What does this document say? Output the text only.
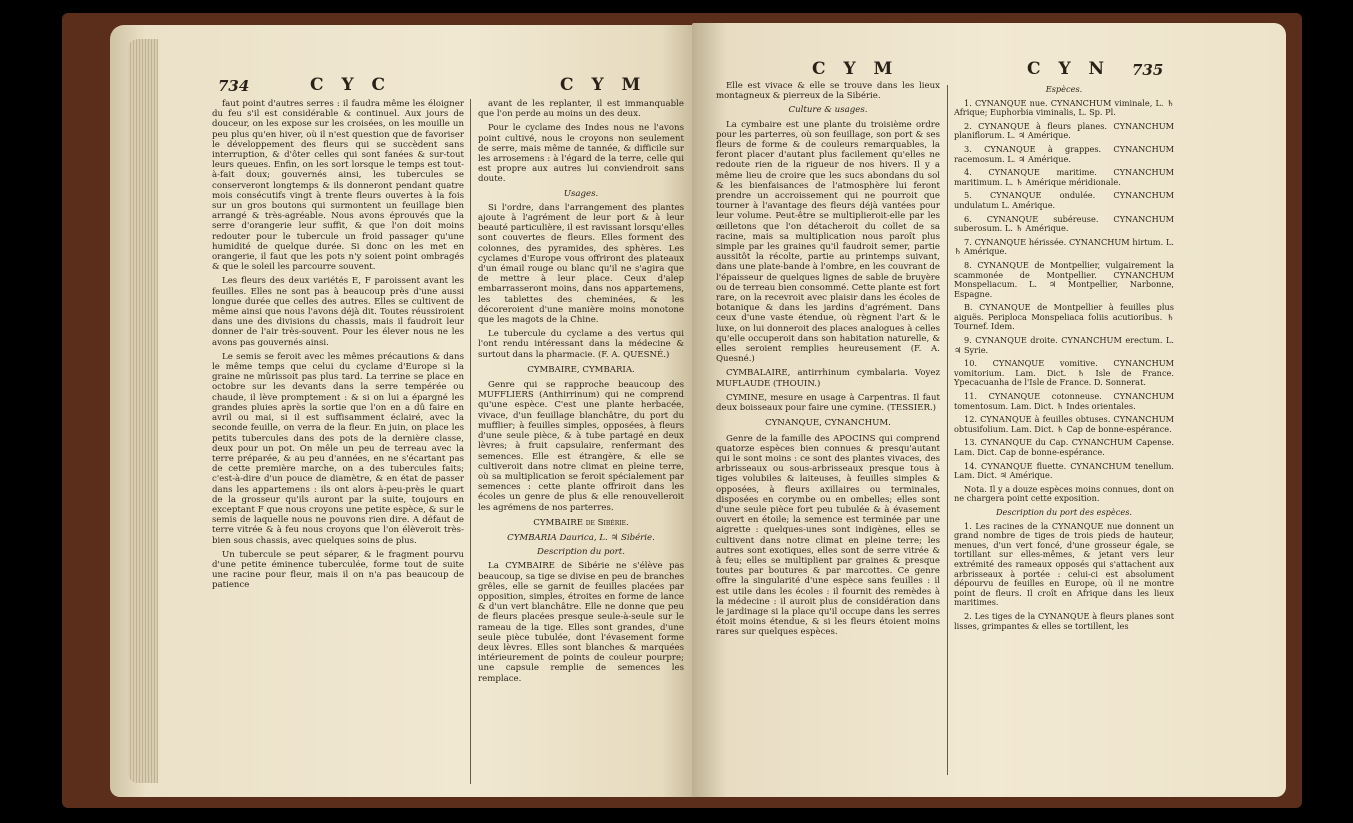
734	C Y C	C Y M

faut point d'autres serres : il faudra même les éloigner du feu s'il est considérable & continuel. Aux jours de douceur, on les expose sur les croisées, on les mouille un peu plus qu'en hiver, où il n'est question que de favoriser le développement des fleurs qui se succèdent sans interruption, & d'ôter celles qui sont fanées & sur-tout leurs queues. Enfin, on les sort lorsque le temps est tout-à-fait doux; gouvernés ainsi, les tubercules se conserveront longtemps & ils donneront pendant quatre mois consécutifs vingt à trente fleurs ouvertes à la fois sur un gros boutons qui surmontent un feuillage bien arrangé & très-agréable. Nous avons éprouvés que la serre d'orangerie leur suffit, & que l'on doit moins redouter pour le tubercule un froid passager qu'une humidité de quelque durée. Si donc on les met en orangerie, il faut que les pots n'y soient point ombragés & que le soleil les parcourre souvent.

Les fleurs des deux variétés E, F paroissent avant les feuilles. Elles ne sont pas à beaucoup près d'une aussi longue durée que celles des autres. Elles se cultivent de même ainsi que nous l'avons déjà dit. Toutes réussiroient dans une des divisions du chassis, mais il faudroit leur donner de l'air très-souvent. Pour les élever nous ne les avons pas gouvernés ainsi.

Le semis se feroit avec les mêmes précautions & dans le même temps que celui du cyclame d'Europe si la graine ne mûrissoit pas plus tard. La terrine se place en octobre sur les devants dans la serre tempérée ou chaude, il lève promptement : & si on lui a épargné les grandes pluies après la sortie que l'on en a dû faire en avril ou mai, si il est suffisamment éclairé, avec la seconde feuille, on verra de la fleur. En juin, on place les petits tubercules dans des pots de la dernière classe, deux pour un pot. On mêle un peu de terreau avec la terre préparée, & au peu d'années, en ne s'écartant pas de cette première marche, on a des tubercules faits; c'est-à-dire d'un pouce de diamètre, & en état de passer dans les appartemens : ils ont alors à-peu-près le quart de la grosseur qu'ils auront par la suite, toujours en exceptant F que nous croyons une petite espèce, & sur le semis de laquelle nous ne pouvons rien dire. A défaut de terre vitrée & à feu nous croyons que l'on élèveroit très-bien sous chassis, avec quelques soins de plus.

Un tubercule se peut séparer, & le fragment pourvu d'une petite éminence tuberculée, forme tout de suite une racine pour fleur, mais il on n'a pas beaucoup de patience

avant de les replanter, il est immanquable que l'on perde au moins un des deux.

Pour le cyclame des Indes nous ne l'avons point cultivé, nous le croyons non seulement de serre, mais même de tannée, & difficile sur les arrosemens : à l'égard de la terre, celle qui est propre aux autres lui conviendroit sans doute.

Usages.

Si l'ordre, dans l'arrangement des plantes ajoute à l'agrément de leur port & à leur beauté particulière, il est ravissant lorsqu'elles sont couvertes de fleurs. Elles forment des colonnes, des pyramides, des sphères. Les cyclames d'Europe vous offriront des plateaux d'un émail rouge ou blanc qu'il ne s'agira que de mettre à leur place. Ceux d'alep embarrasseront moins, dans nos appartemens, les tablettes des cheminées, & les décoreroient d'une manière moins monotone que les magots de la Chine.

Le tubercule du cyclame a des vertus qui l'ont rendu intéressant dans la médecine & surtout dans la pharmacie. (F. A. QUESNÉ.)

CYMBAIRE, CYMBARIA.

Genre qui se rapproche beaucoup des MUFFLIERS (Anthirrinum) qui ne comprend qu'une espèce. C'est une plante herbacée, vivace, d'un feuillage blanchâtre, du port du mufflier; à feuilles simples, opposées, à fleurs d'une seule pièce, & à tube partagé en deux lèvres; à fruit capsulaire, renfermant des semences. Elle est étrangère, & elle se cultiveroit dans notre climat en pleine terre, où sa multiplication se feroit spécialement par semences : cette plante offriroit dans les écoles un genre de plus & elle renouvelleroit les agrémens de nos parterres.

CYMBAIRE de Sibérie.

CYMBARIA Daurica, L. ♃ Sibérie.

Description du port.

La CYMBAIRE de Sibérie ne s'élève pas beaucoup, sa tige se divise en peu de branches grêles, elle se garnit de feuilles placées par opposition, simples, étroites en forme de lance & d'un vert blanchâtre. Elle ne donne que peu de fleurs placées presque seule-à-seule sur le rameau de la tige. Elles sont grandes, d'une seule pièce tubulée, dont l'évasement forme deux lèvres. Elles sont blanches & marquées intérieurement de points de couleur pourpre; une capsule remplie de semences les remplace.

C Y M	C Y N 735

Elle est vivace & elle se trouve dans les lieux montagneux & pierreux de la Sibérie.

Culture & usages.

La cymbaire est une plante du troisième ordre pour les parterres, où son feuillage, son port & ses fleurs de forme & de couleurs remarquables, la feront placer d'autant plus facilement qu'elles ne redoute rien de la rigueur de nos hivers. Il y a même lieu de croire que les sucs abondans du sol & les bienfaisances de l'atmosphère lui feront prendre un accroissement qui ne pourroit que tourner à l'avantage des fleurs déjà vantées pour leur volume. Peut-être se multiplieroit-elle par les œilletons que l'on détacheroit du collet de sa racine, mais sa multiplication nous paroît plus simple par les graines qu'il faudroit semer, partie aussitôt la récolte, partie au printemps suivant, dans une plate-bande à l'ombre, en les couvrant de l'épaisseur de quelques lignes de sable de bruyère ou de terreau bien consommé. Cette plante est fort rare, on la recevroit avec plaisir dans les écoles de botanique & dans les jardins d'agrément. Dans ceux d'une vaste étendue, où règnent l'art & le luxe, on lui donneroit des places analogues à celles qu'elle occuperoit dans son habitation naturelle, & elles seroient remplies heureusement (F. A. Quesné.)

CYMBALAIRE, antirrhinum cymbalaria. Voyez MUFLAUDE (THOUIN.)

CYMINE, mesure en usage à Carpentras. Il faut deux boisseaux pour faire une cymine. (TESSIER.)

CYNANQUE, CYNANCHUM.

Genre de la famille des APOCINS qui comprend quatorze espèces bien connues & presqu'autant qui le sont moins : ce sont des plantes vivaces, des arbrisseaux ou sous-arbrisseaux presque tous à tiges volubiles & laiteuses, à feuilles simples & opposées, à fleurs axillaires ou terminales, disposées en corymbe ou en ombelles; elles sont d'une seule pièce fort peu tubulée & à évasement ouvert en étoile; la semence est terminée par une aigrette : quelques-unes sont indigènes, elles se cultivent dans notre climat en pleine terre; les autres sont exotiques, elles sont de serre vitrée & à feu; elles se multiplient par graines & presque toutes par boutures & par marcottes. Ce genre offre la singularité d'une espèce sans feuilles : il est utile dans les écoles : il fournit des remèdes à la médecine : il auroit plus de considération dans le jardinage si la place qu'il occupe dans les serres étoit moins étendue, & si les fleurs étoient moins rares sur quelques espèces.

Espèces.

1. CYNANQUE nue. CYNANCHUM viminale, L. ♄ Afrique; Euphorbia viminalis, L. Sp. Pl.

2. CYNANQUE à fleurs planes. CYNANCHUM planiflorum. L. ♃ Amérique.

3. CYNANQUE à grappes. CYNANCHUM racemosum. L. ♃ Amérique.

4. CYNANQUE maritime. CYNANCHUM maritimum. L. ♄ Amérique méridionale.

5. CYNANQUE ondulée. CYNANCHUM undulatum L. Amérique.

6. CYNANQUE subéreuse. CYNANCHUM suberosum. L. ♄ Amérique.

7. CYNANQUE hérissée. CYNANCHUM hirtum. L. ♄ Amérique.

8. CYNANQUE de Montpellier, vulgairement la scammonée de Montpellier. CYNANCHUM Monspeliacum. L. ♃ Montpellier, Narbonne, Espagne.

B. CYNANQUE de Montpellier à feuilles plus aiguës. Periploca Monspeliaca foliis acutioribus. ♄ Tournef. Idem.

9. CYNANQUE droite. CYNANCHUM erectum. L. ♃ Syrie.

10. CYNANQUE vomitive. CYNANCHUM vomitorium. Lam. Dict. ♄ Isle de France. Ypecacuanha de l'Isle de France. D. Sonnerat.

11. CYNANQUE cotonneuse. CYNANCHUM tomentosum. Lam. Dict. ♄ Indes orientales.

12. CYNANQUE à feuilles obtuses. CYNANCHUM obtusifolium. Lam. Dict. ♄ Cap de bonne-espérance.

13. CYNANQUE du Cap. CYNANCHUM Capense. Lam. Dict. Cap de bonne-espérance.

14. CYNANQUE fluette. CYNANCHUM tenellum. Lam. Dict. ♃ Amérique.

Nota. Il y a douze espèces moins connues, dont on ne chargera point cette exposition.

Description du port des espèces.

1. Les racines de la CYNANQUE nue donnent un grand nombre de tiges de trois pieds de hauteur, menues, d'un vert foncé, d'une grosseur égale, se tortillant sur elles-mêmes, & jetant vers leur extrémité des rameaux opposés qui s'attachent aux arbrisseaux à portée : celui-ci est absolument dépourvu de feuilles en Europe, où il ne montre point de fleurs. Il croît en Afrique dans les lieux maritimes.

2. Les tiges de la CYNANQUE à fleurs planes sont lisses, grimpantes & elles se tortillent, les
